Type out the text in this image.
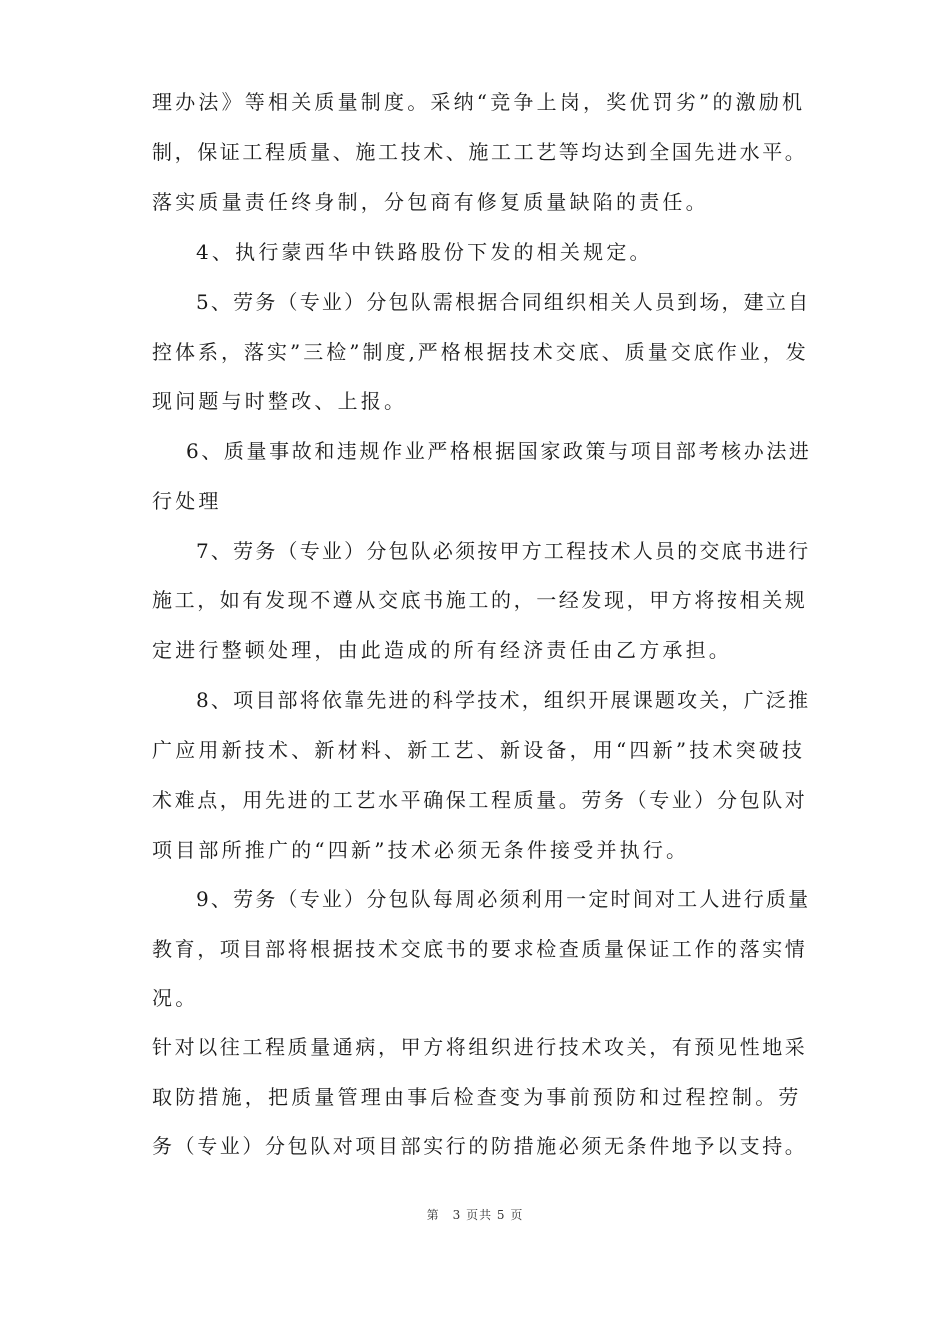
理办法》等相关质量制度。采纳“竞争上岗，奖优罚劣”的激励机
制，保证工程质量、施工技术、施工工艺等均达到全国先进水平。
落实质量责任终身制，分包商有修复质量缺陷的责任。
4、执行蒙西华中铁路股份下发的相关规定。
5、劳务（专业）分包队需根据合同组织相关人员到场，建立自
控体系，落实”三检”制度,严格根据技术交底、质量交底作业，发
现问题与时整改、上报。
6、质量事故和违规作业严格根据国家政策与项目部考核办法进
行处理
7、劳务（专业）分包队必须按甲方工程技术人员的交底书进行
施工，如有发现不遵从交底书施工的，一经发现，甲方将按相关规
定进行整顿处理，由此造成的所有经济责任由乙方承担。
8、项目部将依靠先进的科学技术，组织开展课题攻关，广泛推
广应用新技术、新材料、新工艺、新设备，用“四新”技术突破技
术难点，用先进的工艺水平确保工程质量。劳务（专业）分包队对
项目部所推广的“四新”技术必须无条件接受并执行。
9、劳务（专业）分包队每周必须利用一定时间对工人进行质量
教育，项目部将根据技术交底书的要求检查质量保证工作的落实情
况。
针对以往工程质量通病，甲方将组织进行技术攻关，有预见性地采
取防措施，把质量管理由事后检查变为事前预防和过程控制。劳
务（专业）分包队对项目部实行的防措施必须无条件地予以支持。
第　3 页共 5 页
